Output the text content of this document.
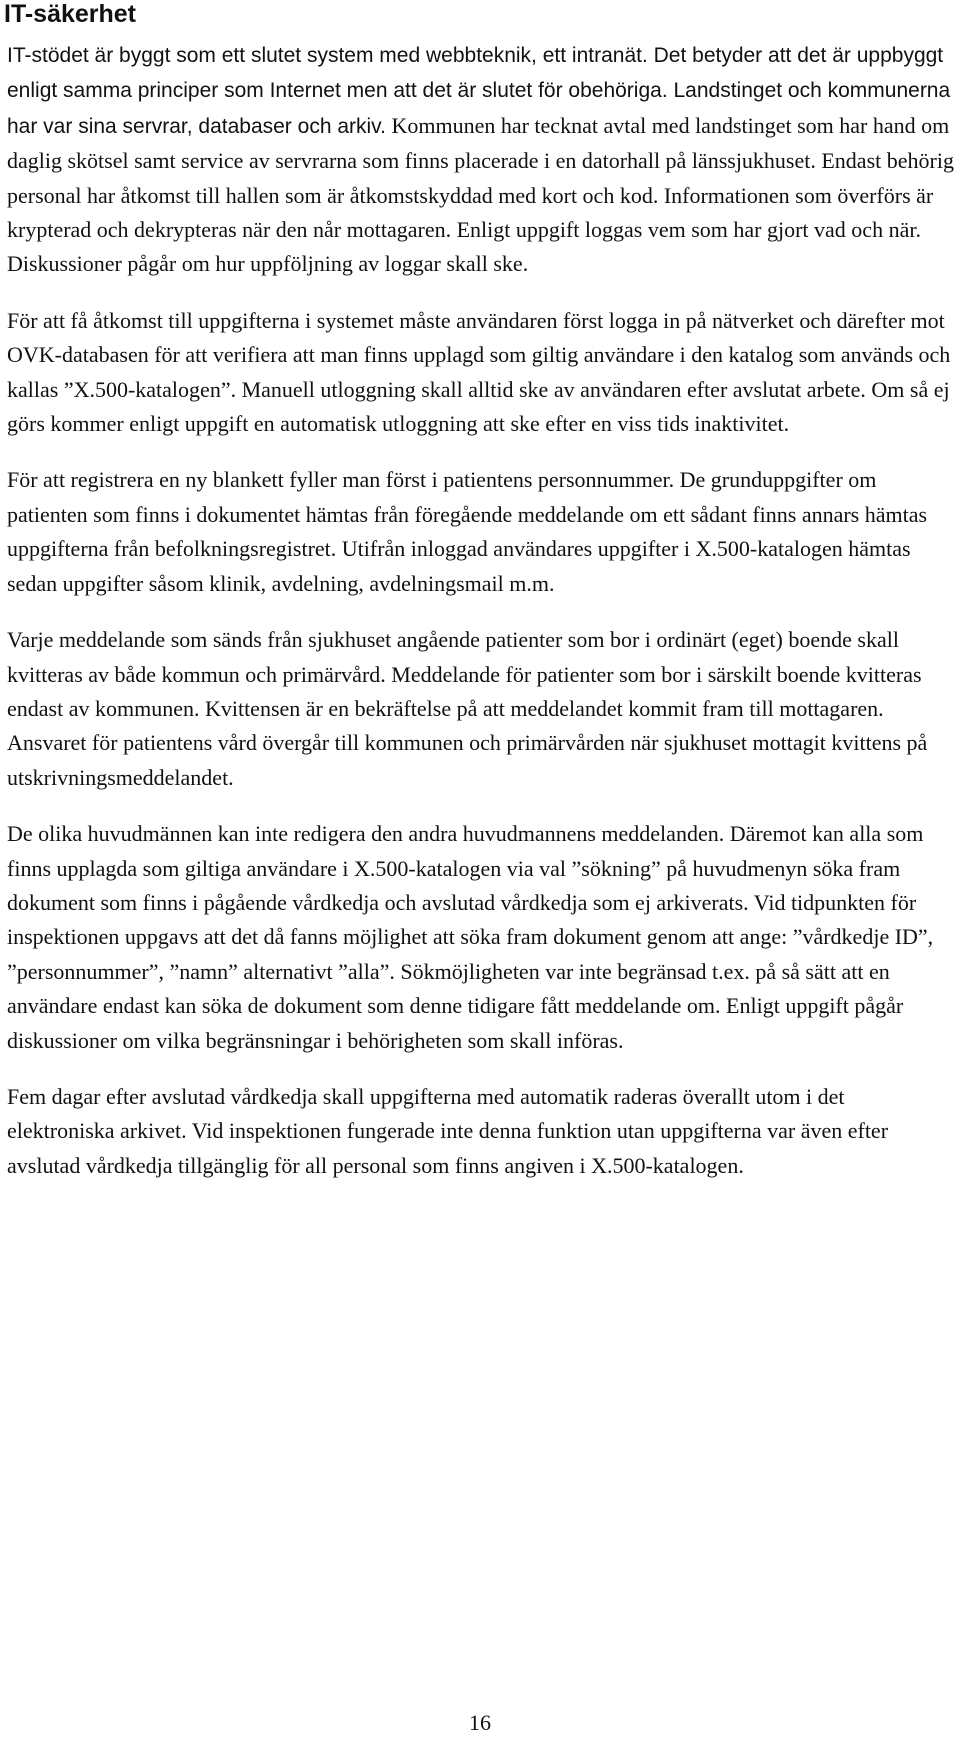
IT-säkerhet

IT-stödet är byggt som ett slutet system med webbteknik, ett intranät. Det betyder att det är uppbyggt enligt samma principer som Internet men att det är slutet för obehöriga. Landstinget och kommunerna har var sina servrar, databaser och arkiv. Kommunen har tecknat avtal med landstinget som har hand om daglig skötsel samt service av servrarna som finns placerade i en datorhall på länssjukhuset. Endast behörig personal har åtkomst till hallen som är åtkomstskyddad med kort och kod. Informationen som överförs är krypterad och dekrypteras när den når mottagaren. Enligt uppgift loggas vem som har gjort vad och när. Diskussioner pågår om hur uppföljning av loggar skall ske.

För att få åtkomst till uppgifterna i systemet måste användaren först logga in på nätverket och därefter mot OVK-databasen för att verifiera att man finns upplagd som giltig användare i den katalog som används och kallas ”X.500-katalogen”. Manuell utloggning skall alltid ske av användaren efter avslutat arbete. Om så ej görs kommer enligt uppgift en automatisk utloggning att ske efter en viss tids inaktivitet.

För att registrera en ny blankett fyller man först i patientens personnummer. De grunduppgifter om patienten som finns i dokumentet hämtas från föregående meddelande om ett sådant finns annars hämtas uppgifterna från befolkningsregistret. Utifrån inloggad användares uppgifter i X.500-katalogen hämtas sedan uppgifter såsom klinik, avdelning, avdelningsmail m.m.

Varje meddelande som sänds från sjukhuset angående patienter som bor i ordinärt (eget) boende skall kvitteras av både kommun och primärvård. Meddelande för patienter som bor i särskilt boende kvitteras endast av kommunen. Kvittensen är en bekräftelse på att meddelandet kommit fram till mottagaren. Ansvaret för patientens vård övergår till kommunen och primärvården när sjukhuset mottagit kvittens på utskrivningsmeddelandet.

De olika huvudmännen kan inte redigera den andra huvudmannens meddelanden. Däremot kan alla som finns upplagda som giltiga användare i X.500-katalogen via val ”sökning” på huvudmenyn söka fram dokument som finns i pågående vårdkedja och avslutad vårdkedja som ej arkiverats. Vid tidpunkten för inspektionen uppgavs att det då fanns möjlighet att söka fram dokument genom att ange: ”vårdkedje ID”, ”personnummer”, ”namn” alternativt ”alla”. Sökmöjligheten var inte begränsad t.ex. på så sätt att en användare endast kan söka de dokument som denne tidigare fått meddelande om. Enligt uppgift pågår diskussioner om vilka begränsningar i behörigheten som skall införas.

Fem dagar efter avslutad vårdkedja skall uppgifterna med automatik raderas överallt utom i det elektroniska arkivet. Vid inspektionen fungerade inte denna funktion utan uppgifterna var även efter avslutad vårdkedja tillgänglig för all personal som finns angiven i X.500-katalogen.

16
